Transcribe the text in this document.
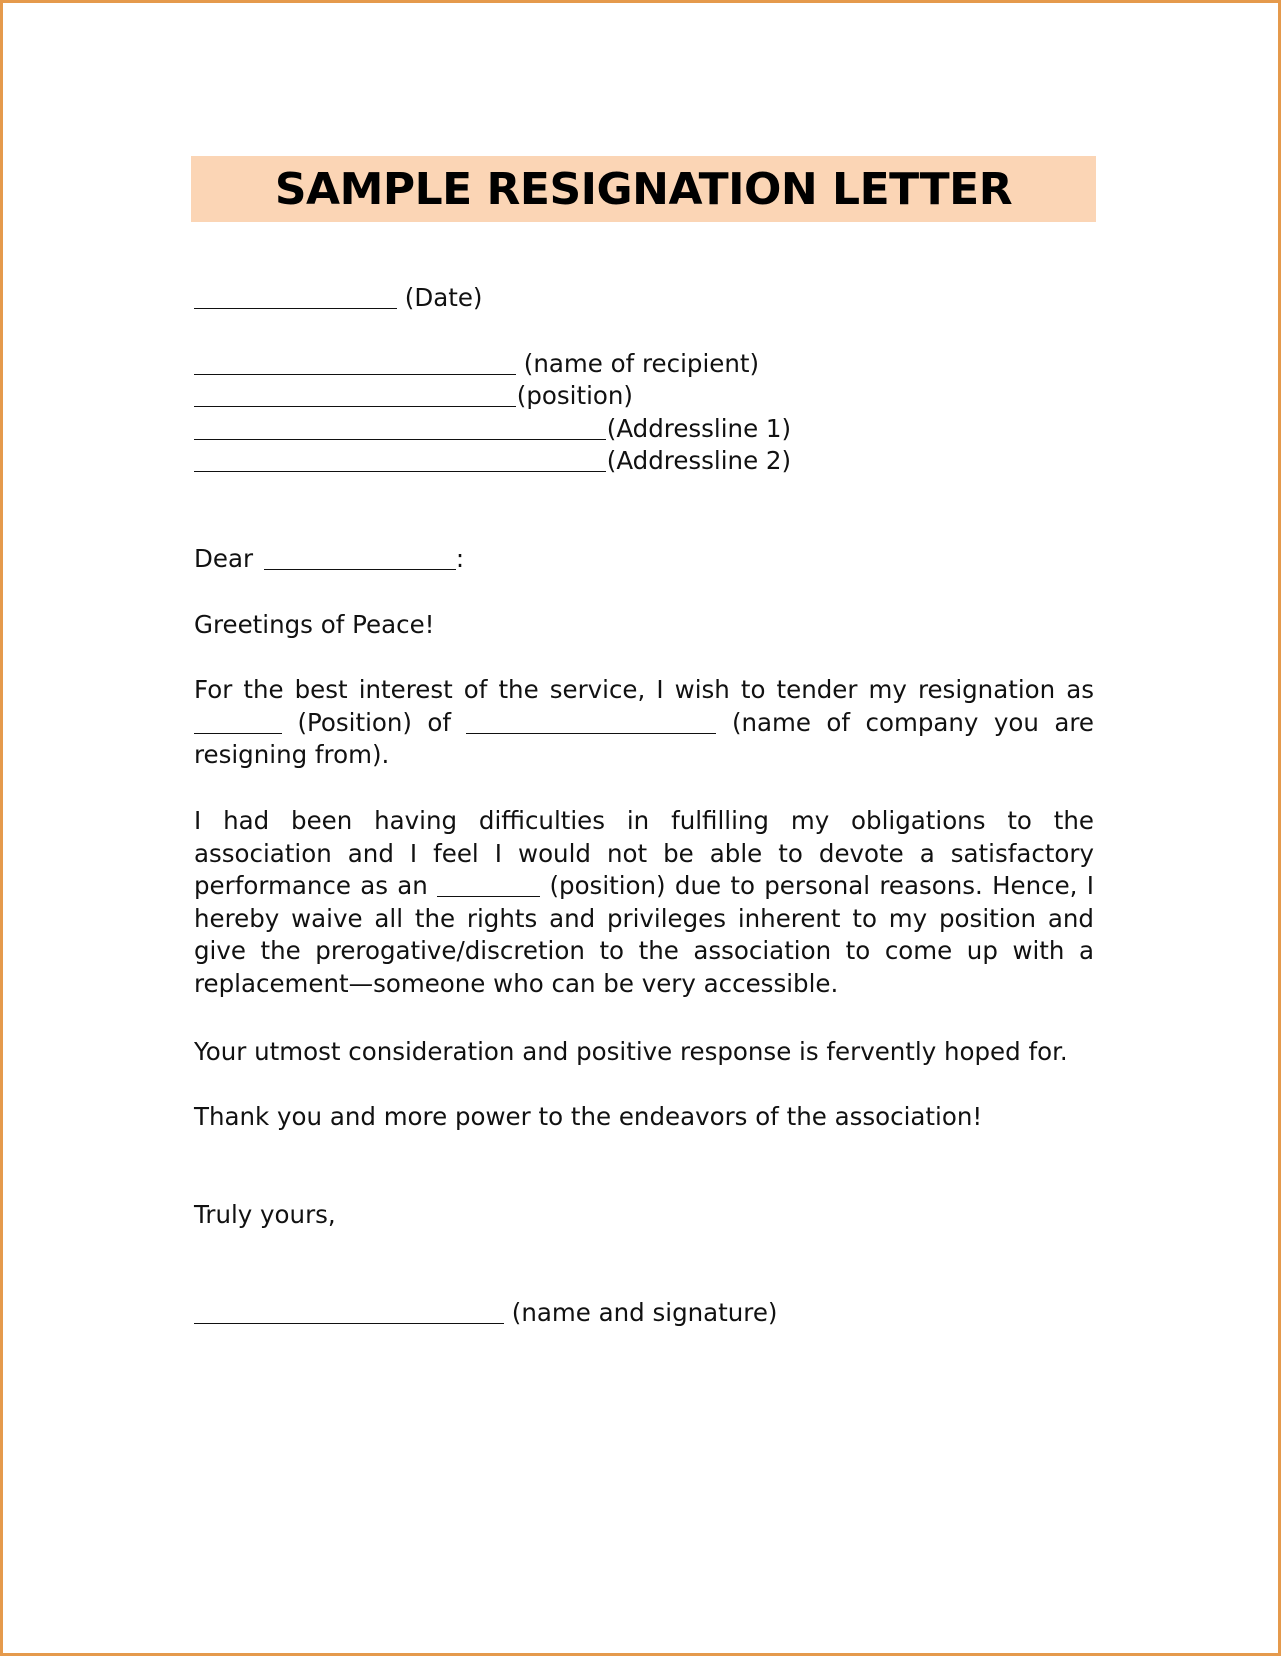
SAMPLE RESIGNATION LETTER
(Date)
(name of recipient)
(position)
(Addressline 1)
(Addressline 2)
Dear	:
Greetings of Peace!
For the best interest of the service, I wish to tender my resignation as  (Position) of	(name of company you are resigning from).
I had been having difficulties in fulfilling my obligations to the association and I feel I would not be able to devote a satisfactory performance as an	(position) due to personal reasons. Hence, I hereby waive all the rights and privileges inherent to my position and give the prerogative/discretion to the association to come up with a replacement—someone who can be very accessible.
Your utmost consideration and positive response is fervently hoped for.
Thank you and more power to the endeavors of the association!
Truly yours,
(name and signature)
